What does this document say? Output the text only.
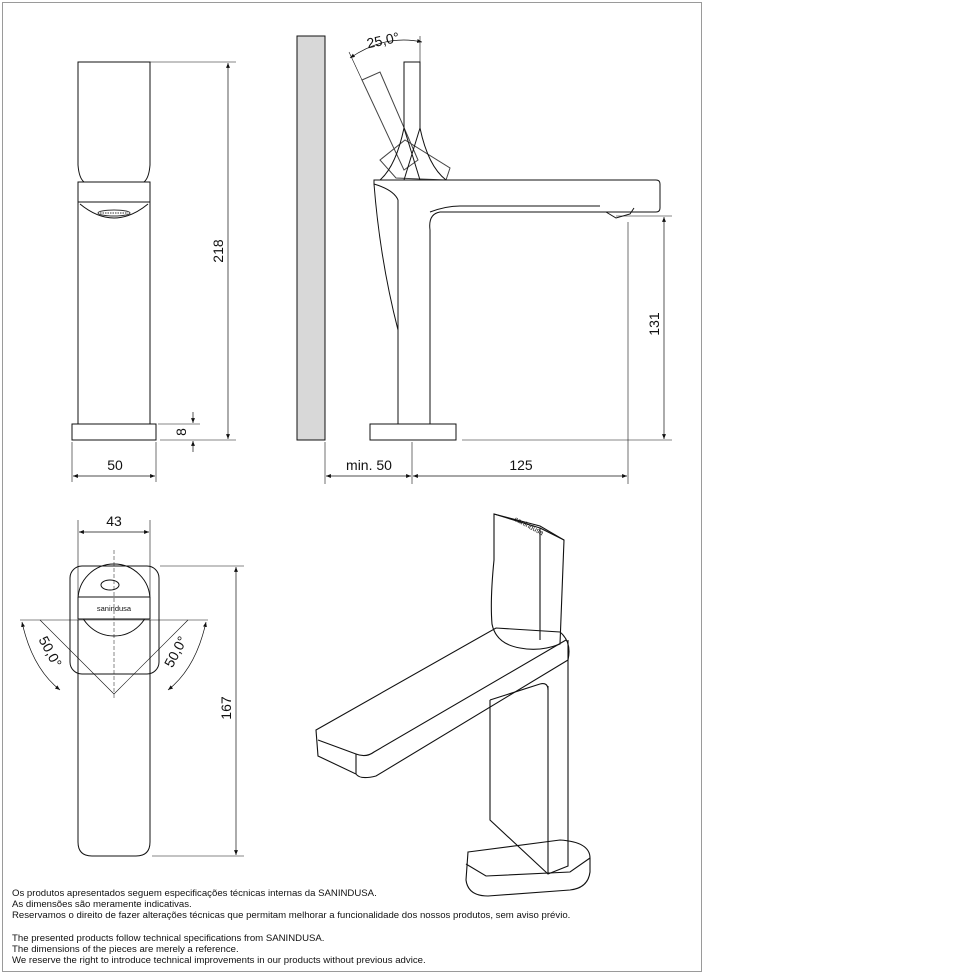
218
8
50
25,0°
131
min. 50	125
sanindusa
43
167
50,0°	50,0°
sanindusa

Os produtos apresentados seguem especificações técnicas internas da SANINDUSA.

As dimensões são meramente indicativas.

Reservamos o direito de fazer alterações técnicas que permitam melhorar a funcionalidade dos nossos produtos, sem aviso prévio.

The presented products follow technical specifications from SANINDUSA.

The dimensions of the pieces are merely a reference.

We reserve the right to introduce technical improvements in our products without previous advice.
